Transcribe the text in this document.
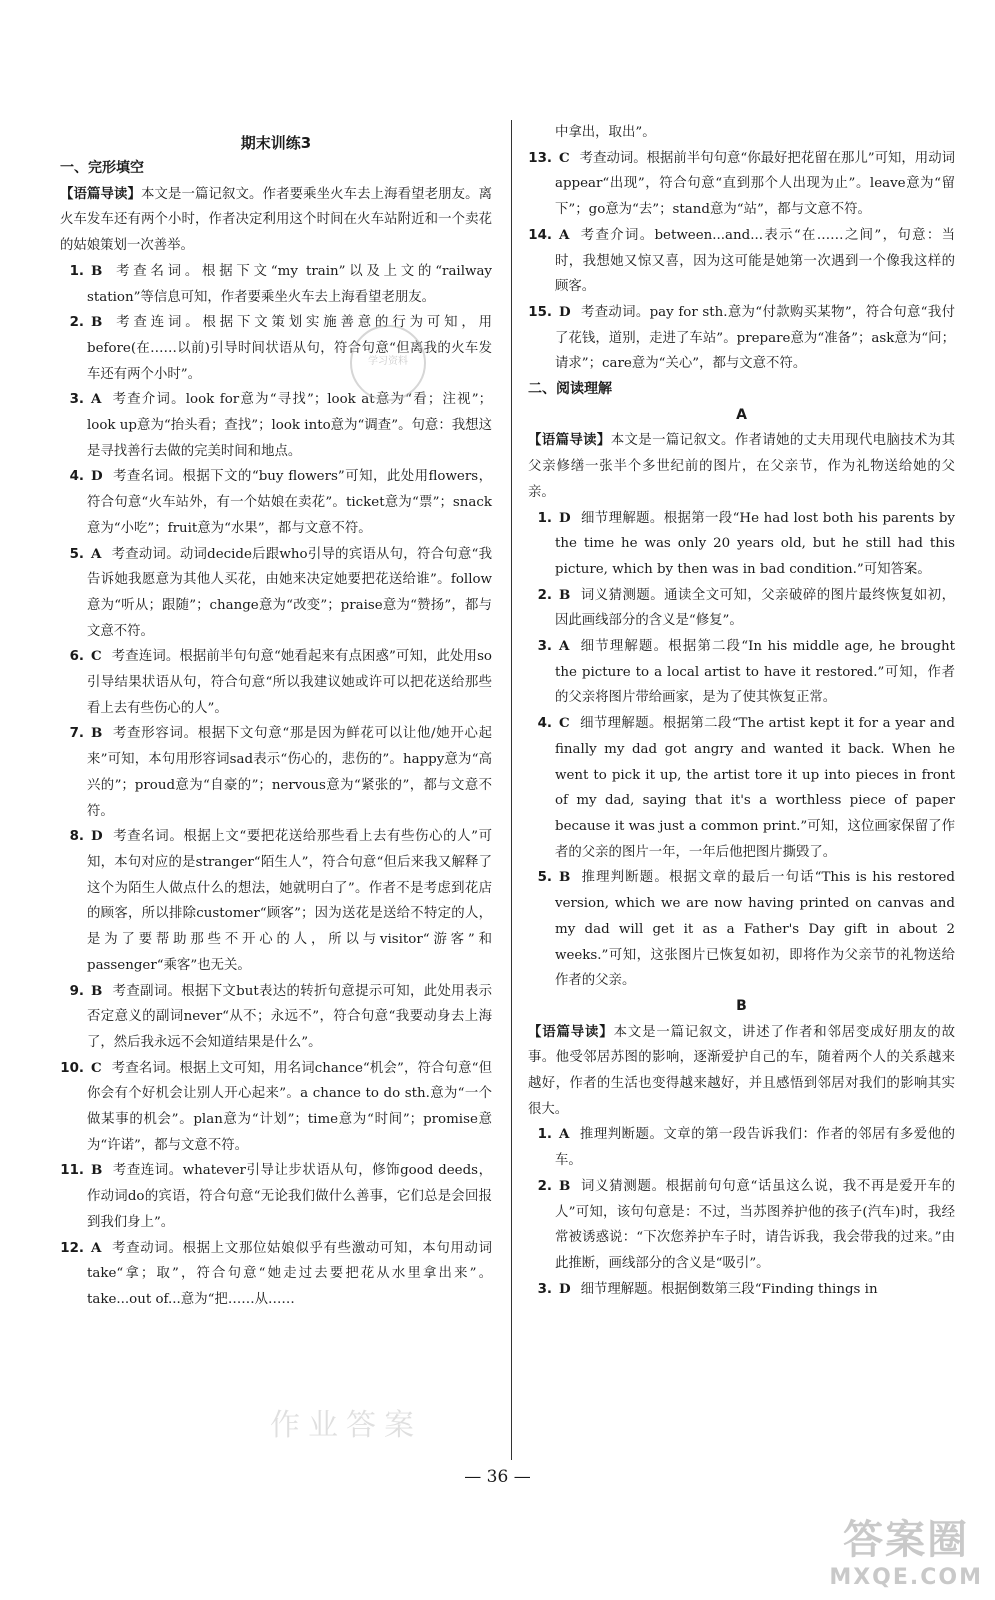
期末训练3
一、完形填空
【语篇导读】本文是一篇记叙文。作者要乘坐火车去上海看望老朋友。离火车发车还有两个小时，作者决定利用这个时间在火车站附近和一个卖花的姑娘策划一次善举。
1 . B 考查名词。根据下文“my train”以及上文的“railway station”等信息可知，作者要乘坐火车去上海看望老朋友。
2 . B 考查连词。根据下文策划实施善意的行为可知，用before(在……以前)引导时间状语从句，符合句意“但离我的火车发车还有两个小时”。
3 . A 考查介词。look for意为“寻找”；look at意为“看；注视”；look up意为“抬头看；查找”；look into意为“调查”。句意：我想这是寻找善行去做的完美时间和地点。
4 . D 考查名词。根据下文的“buy flowers”可知，此处用flowers，符合句意“火车站外，有一个姑娘在卖花”。ticket意为“票”；snack意为“小吃”；fruit意为“水果”，都与文意不符。
5 . A 考查动词。动词decide后跟who引导的宾语从句，符合句意“我告诉她我愿意为其他人买花，由她来决定她要把花送给谁”。follow意为“听从；跟随”；change意为“改变”；praise意为“赞扬”，都与文意不符。
6 . C 考查连词。根据前半句句意“她看起来有点困惑”可知，此处用so引导结果状语从句，符合句意“所以我建议她或许可以把花送给那些看上去有些伤心的人”。
7 . B 考查形容词。根据下文句意“那是因为鲜花可以让他/她开心起来”可知，本句用形容词sad表示“伤心的，悲伤的”。happy意为“高兴的”；proud意为“自豪的”；nervous意为“紧张的”，都与文意不符。
8 . D 考查名词。根据上文“要把花送给那些看上去有些伤心的人”可知，本句对应的是stranger“陌生人”，符合句意“但后来我又解释了这个为陌生人做点什么的想法，她就明白了”。作者不是考虑到花店的顾客，所以排除customer“顾客”；因为送花是送给不特定的人，是为了要帮助那些不开心的人，所以与visitor“游客”和passenger“乘客”也无关。
9 . B 考查副词。根据下文but表达的转折句意提示可知，此处用表示否定意义的副词never“从不；永远不”，符合句意“我要动身去上海了，然后我永远不会知道结果是什么”。
10 . C 考查名词。根据上文可知，用名词chance“机会”，符合句意“但你会有个好机会让别人开心起来”。a chance to do sth.意为“一个做某事的机会”。plan意为“计划”；time意为“时间”；promise意为“许诺”，都与文意不符。
11 . B 考查连词。whatever引导让步状语从句，修饰good deeds，作动词do的宾语，符合句意“无论我们做什么善事，它们总是会回报到我们身上”。
12 . A 考查动词。根据上文那位姑娘似乎有些激动可知，本句用动词take“拿；取”，符合句意“她走过去要把花从水里拿出来”。take...out of...意为“把……从……
中拿出，取出”。
13 . C 考查动词。根据前半句句意“你最好把花留在那儿”可知，用动词appear“出现”，符合句意“直到那个人出现为止”。leave意为“留下”；go意为“去”；stand意为“站”，都与文意不符。
14 . A 考查介词。between...and...表示“在……之间”，句意：当时，我想她又惊又喜，因为这可能是她第一次遇到一个像我这样的顾客。
15 . D 考查动词。pay for sth.意为“付款购买某物”，符合句意“我付了花钱，道别，走进了车站”。prepare意为“准备”；ask意为“问；请求”；care意为“关心”，都与文意不符。
二、阅读理解
A
【语篇导读】本文是一篇记叙文。作者请她的丈夫用现代电脑技术为其父亲修缮一张半个多世纪前的图片，在父亲节，作为礼物送给她的父亲。
1 . D 细节理解题。根据第一段“He had lost both his parents by the time he was only 20 years old, but he still had this picture, which by then was in bad condition.”可知答案。
2 . B 词义猜测题。通读全文可知，父亲破碎的图片最终恢复如初，因此画线部分的含义是“修复”。
3 . A 细节理解题。根据第二段“In his middle age, he brought the picture to a local artist to have it restored.”可知，作者的父亲将图片带给画家，是为了使其恢复正常。
4 . C 细节理解题。根据第二段“The artist kept it for a year and finally my dad got angry and wanted it back. When he went to pick it up, the artist tore it up into pieces in front of my dad, saying that it's a worthless piece of paper because it was just a common print.”可知，这位画家保留了作者的父亲的图片一年，一年后他把图片撕毁了。
5 . B 推理判断题。根据文章的最后一句话“This is his restored version, which we are now having printed on canvas and my dad will get it as a Father's Day gift in about 2 weeks.”可知，这张图片已恢复如初，即将作为父亲节的礼物送给作者的父亲。
B
【语篇导读】本文是一篇记叙文，讲述了作者和邻居变成好朋友的故事。他受邻居苏图的影响，逐渐爱护自己的车，随着两个人的关系越来越好，作者的生活也变得越来越好，并且感悟到邻居对我们的影响其实很大。
1 . A 推理判断题。文章的第一段告诉我们：作者的邻居有多爱他的车。
2 . B 词义猜测题。根据前句句意“话虽这么说，我不再是爱开车的人”可知，该句句意是：不过，当苏图养护他的孩子(汽车)时，我经常被诱惑说：“下次您养护车子时，请告诉我，我会带我的过来。”由此推断，画线部分的含义是“吸引”。
3 . D 细节理解题。根据倒数第三段“Finding things in
学习资料
作业答案
— 36 —
答案圈
MXQE.COM
